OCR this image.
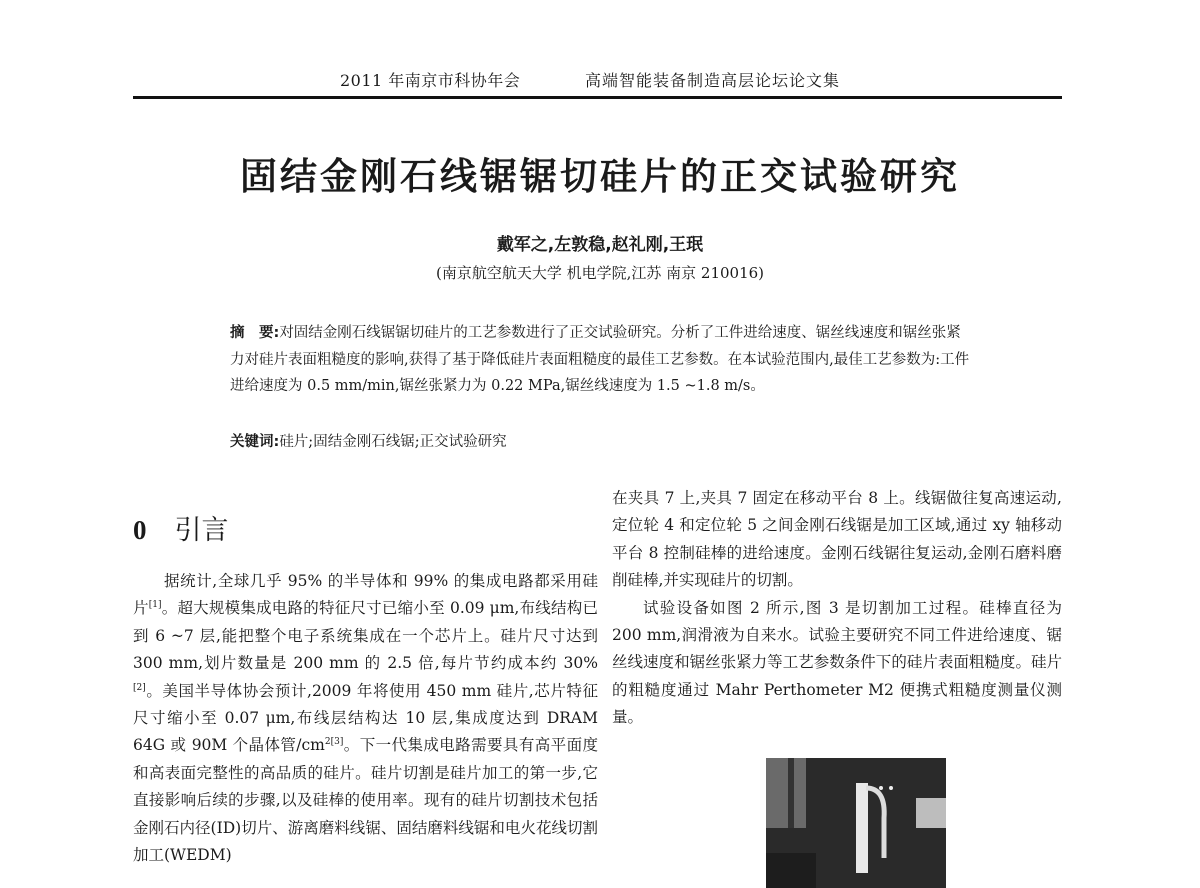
2011 年南京市科协年会	高端智能装备制造高层论坛论文集
固结金刚石线锯锯切硅片的正交试验研究
戴军之,左敦稳,赵礼刚,王珉
(南京航空航天大学 机电学院,江苏 南京 210016)
摘　要:对固结金刚石线锯锯切硅片的工艺参数进行了正交试验研究。分析了工件进给速度、锯丝线速度和锯丝张紧力对硅片表面粗糙度的影响,获得了基于降低硅片表面粗糙度的最佳工艺参数。在本试验范围内,最佳工艺参数为:工件进给速度为 0.5 mm/min,锯丝张紧力为 0.22 MPa,锯丝线速度为 1.5 ~1.8 m/s。
关键词:硅片;固结金刚石线锯;正交试验研究
0 引言

据统计,全球几乎 95% 的半导体和 99% 的集成电路都采用硅片[1]。超大规模集成电路的特征尺寸已缩小至 0.09 μm,布线结构已到 6 ~7 层,能把整个电子系统集成在一个芯片上。硅片尺寸达到 300 mm,划片数量是 200 mm 的 2.5 倍,每片节约成本约 30%[2]。美国半导体协会预计,2009 年将使用 450 mm 硅片,芯片特征尺寸缩小至 0.07 μm,布线层结构达 10 层,集成度达到 DRAM 64G 或 90M 个晶体管$/cm^{2[3]}$。下一代集成电路需要具有高平面度和高表面完整性的高品质的硅片。硅片切割是硅片加工的第一步,它直接影响后续的步骤,以及硅棒的使用率。现有的硅片切割技术包括金刚石内径(ID)切片、游离磨料线锯、固结磨料线锯和电火花线切割加工(WEDM)

在夹具 7 上,夹具 7 固定在移动平台 8 上。线锯做往复高速运动,定位轮 4 和定位轮 5 之间金刚石线锯是加工区域,通过 xy 轴移动平台 8 控制硅棒的进给速度。金刚石线锯往复运动,金刚石磨料磨削硅棒,并实现硅片的切割。

试验设备如图 2 所示,图 3 是切割加工过程。硅棒直径为 200 mm,润滑液为自来水。试验主要研究不同工件进给速度、锯丝线速度和锯丝张紧力等工艺参数条件下的硅片表面粗糙度。硅片的粗糙度通过 Mahr Perthometer M2 便携式粗糙度测量仪测量。
